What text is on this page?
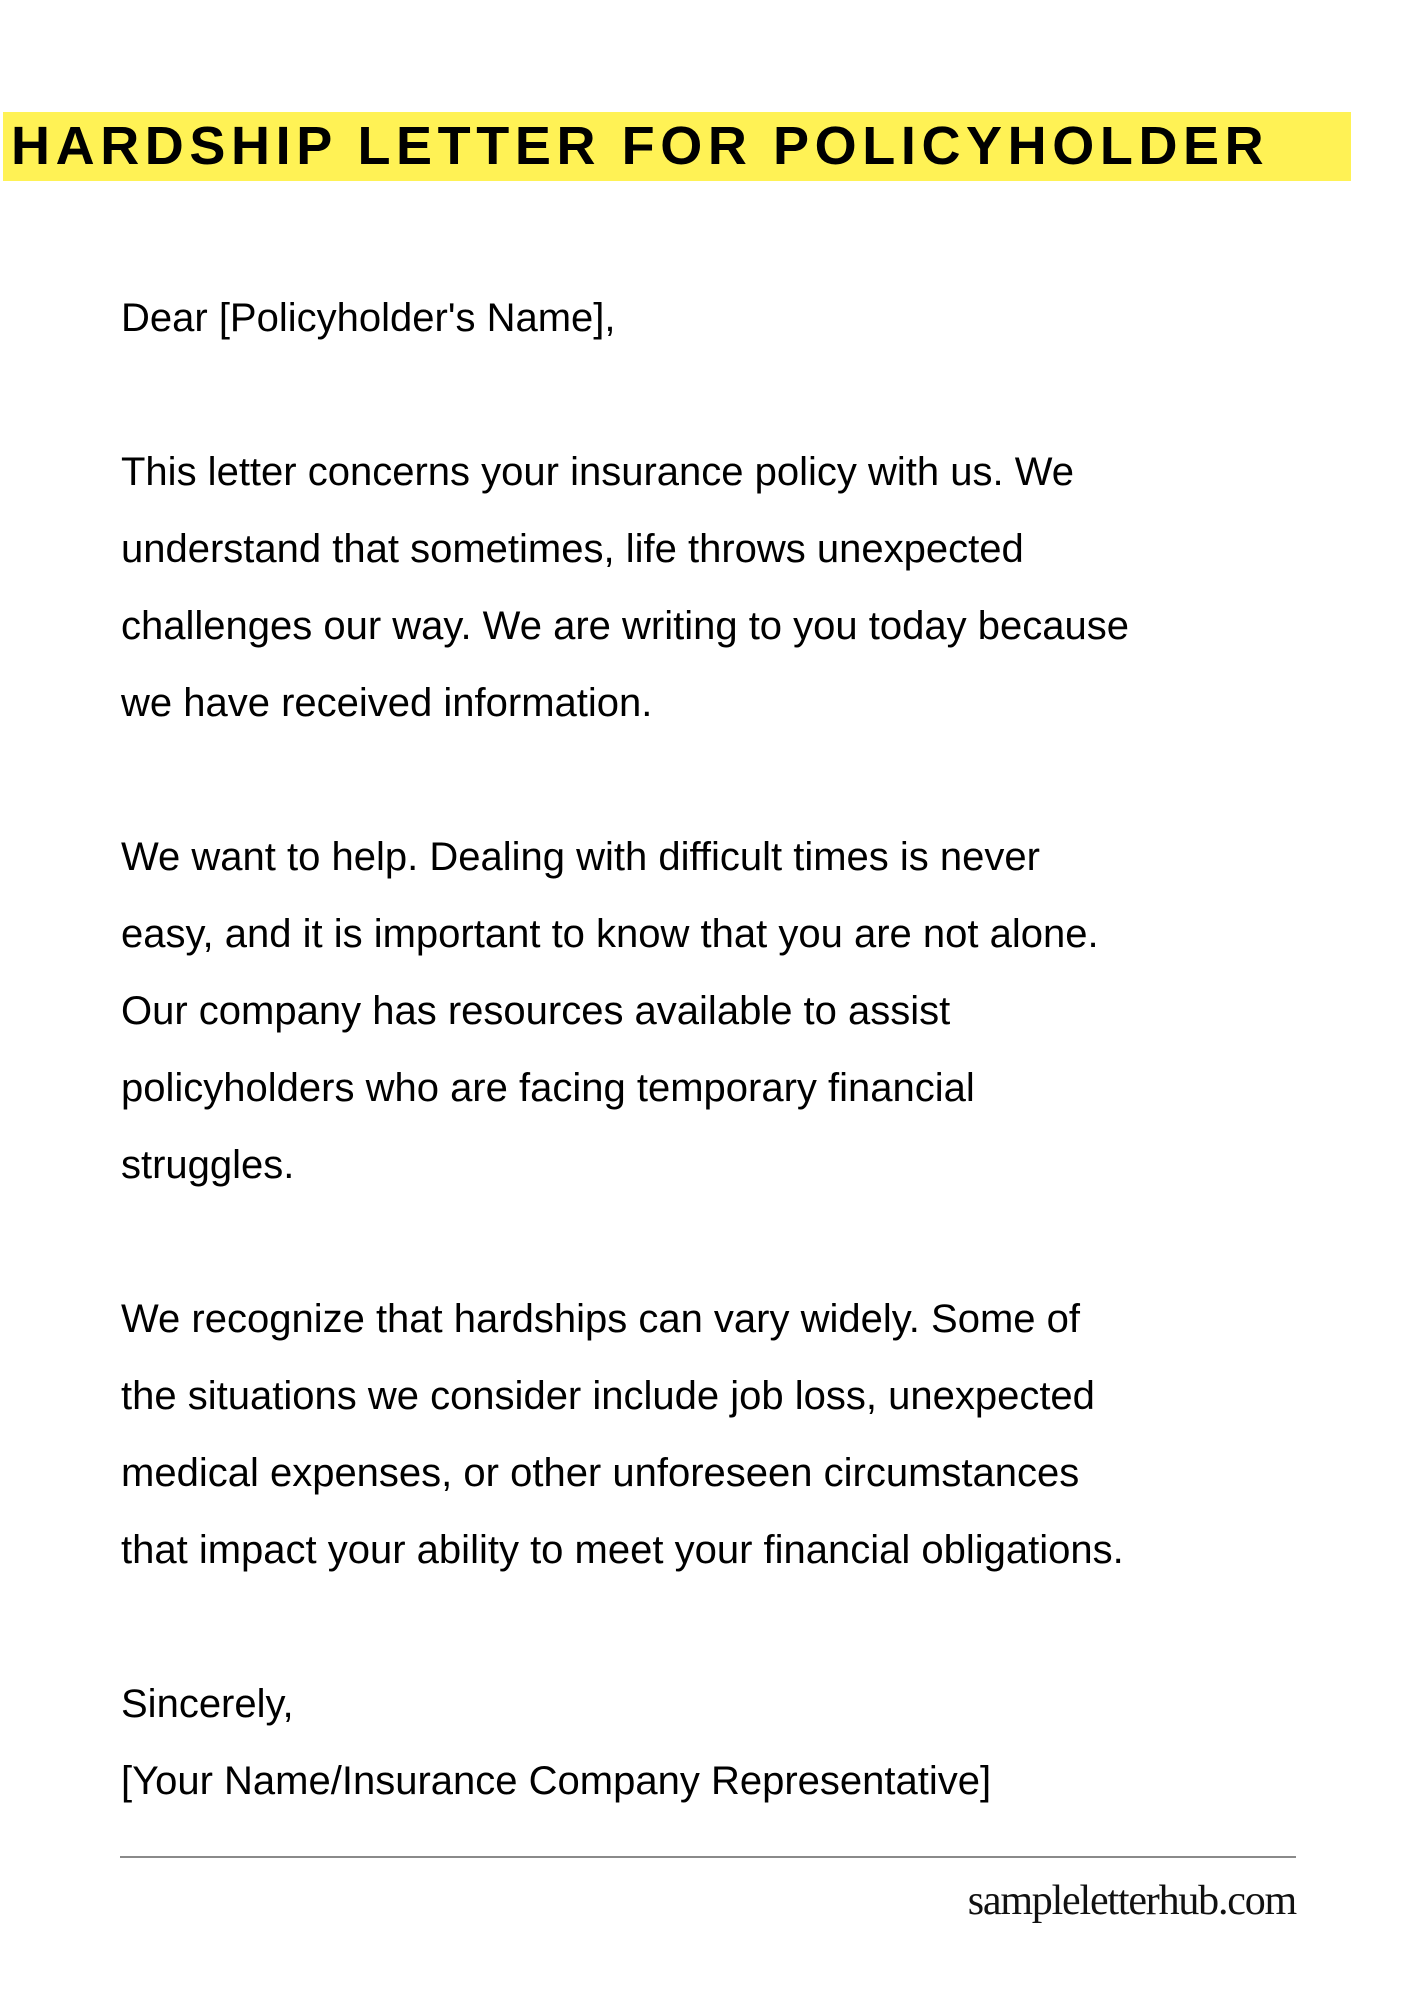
HARDSHIP LETTER FOR POLICYHOLDER
Dear [Policyholder's Name],
This letter concerns your insurance policy with us. We
understand that sometimes, life throws unexpected
challenges our way. We are writing to you today because
we have received information.
We want to help. Dealing with difficult times is never
easy, and it is important to know that you are not alone.
Our company has resources available to assist
policyholders who are facing temporary financial
struggles.
We recognize that hardships can vary widely. Some of
the situations we consider include job loss, unexpected
medical expenses, or other unforeseen circumstances
that impact your ability to meet your financial obligations.
Sincerely,
[Your Name/Insurance Company Representative]
sampleletterhub.com
